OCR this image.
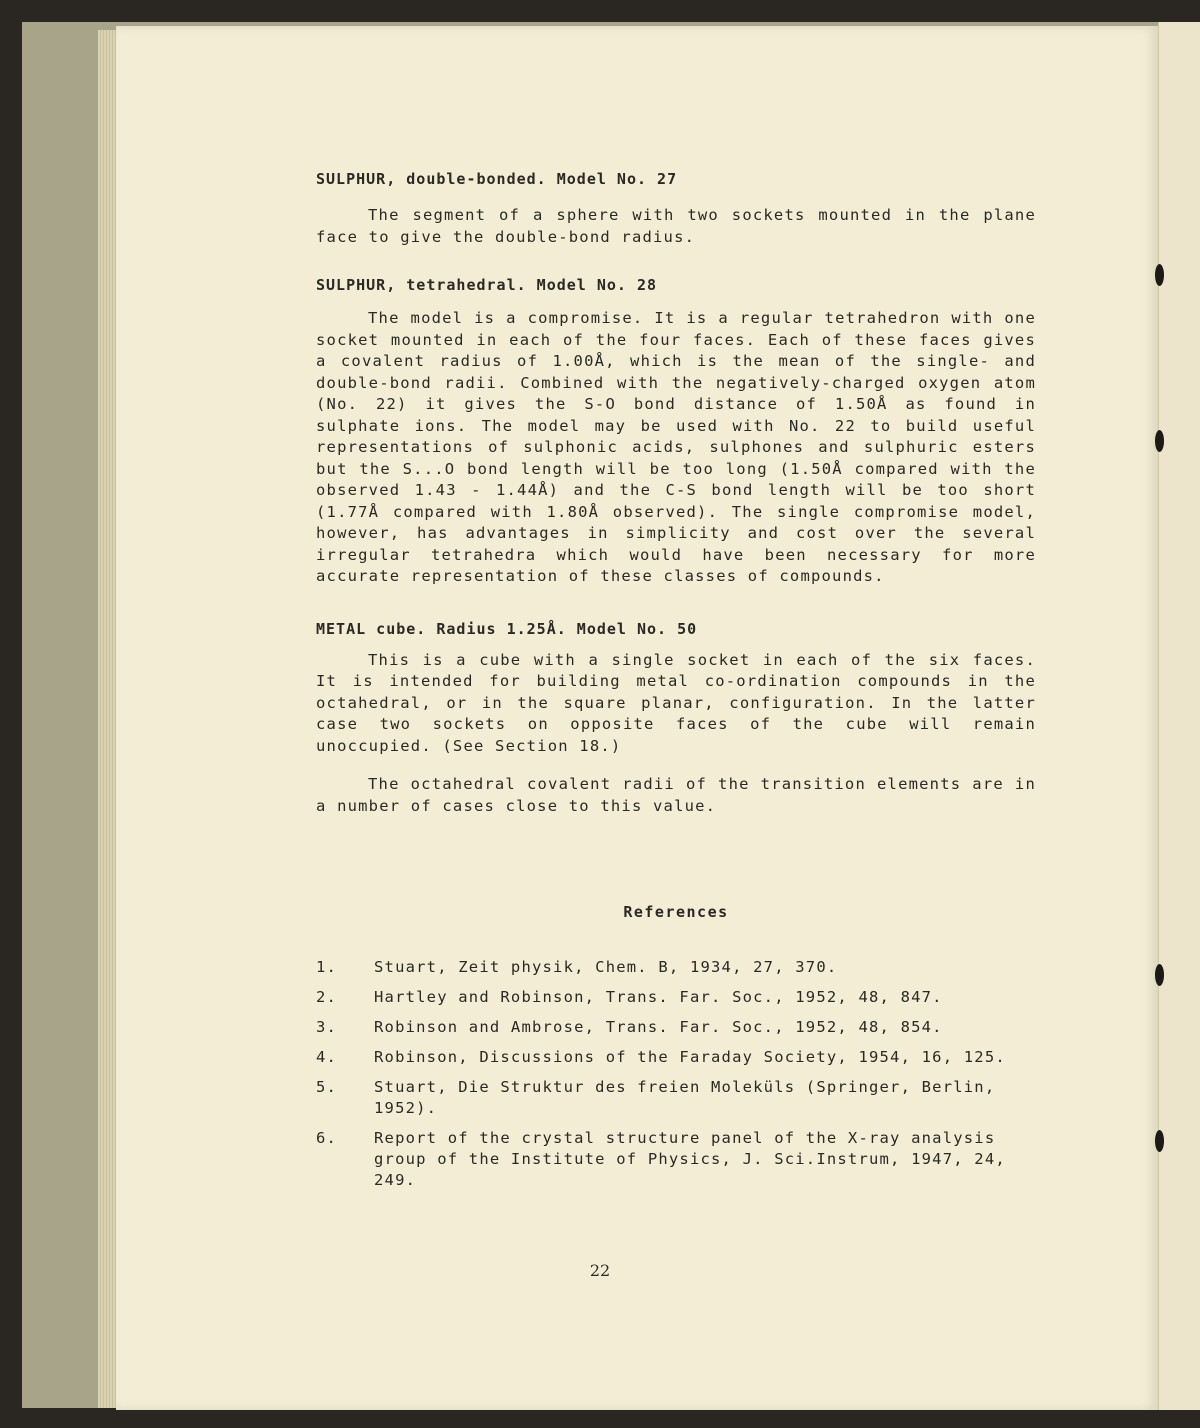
SULPHUR, double-bonded. Model No. 27

The segment of a sphere with two sockets mounted in the plane face to give the double-bond radius.

SULPHUR, tetrahedral. Model No. 28

The model is a compromise. It is a regular tetrahedron with one socket mounted in each of the four faces. Each of these faces gives a covalent radius of 1.00Å, which is the mean of the single- and double-bond radii. Combined with the negatively-charged oxygen atom (No. 22) it gives the S-O bond distance of 1.50Å as found in sulphate ions. The model may be used with No. 22 to build useful representations of sulphonic acids, sulphones and sulphuric esters but the S...O bond length will be too long (1.50Å compared with the observed 1.43 - 1.44Å) and the C-S bond length will be too short (1.77Å compared with 1.80Å observed). The single compromise model, however, has advantages in simplicity and cost over the several irregular tetrahedra which would have been necessary for more accurate representation of these classes of compounds.

METAL cube. Radius 1.25Å. Model No. 50

This is a cube with a single socket in each of the six faces. It is intended for building metal co-ordination compounds in the octahedral, or in the square planar, configuration. In the latter case two sockets on opposite faces of the cube will remain unoccupied. (See Section 18.)

The octahedral covalent radii of the transition elements are in a number of cases close to this value.

References
1.	Stuart, Zeit physik, Chem. B, 1934, 27, 370.
2.	Hartley and Robinson, Trans. Far. Soc., 1952, 48, 847.
3.	Robinson and Ambrose, Trans. Far. Soc., 1952, 48, 854.
4.	Robinson, Discussions of the Faraday Society, 1954, 16, 125.
5.	Stuart, Die Struktur des freien Moleküls (Springer, Berlin, 1952).
6.	Report of the crystal structure panel of the X-ray analysis group of the Institute of Physics, J. Sci.Instrum, 1947, 24, 249.
22
